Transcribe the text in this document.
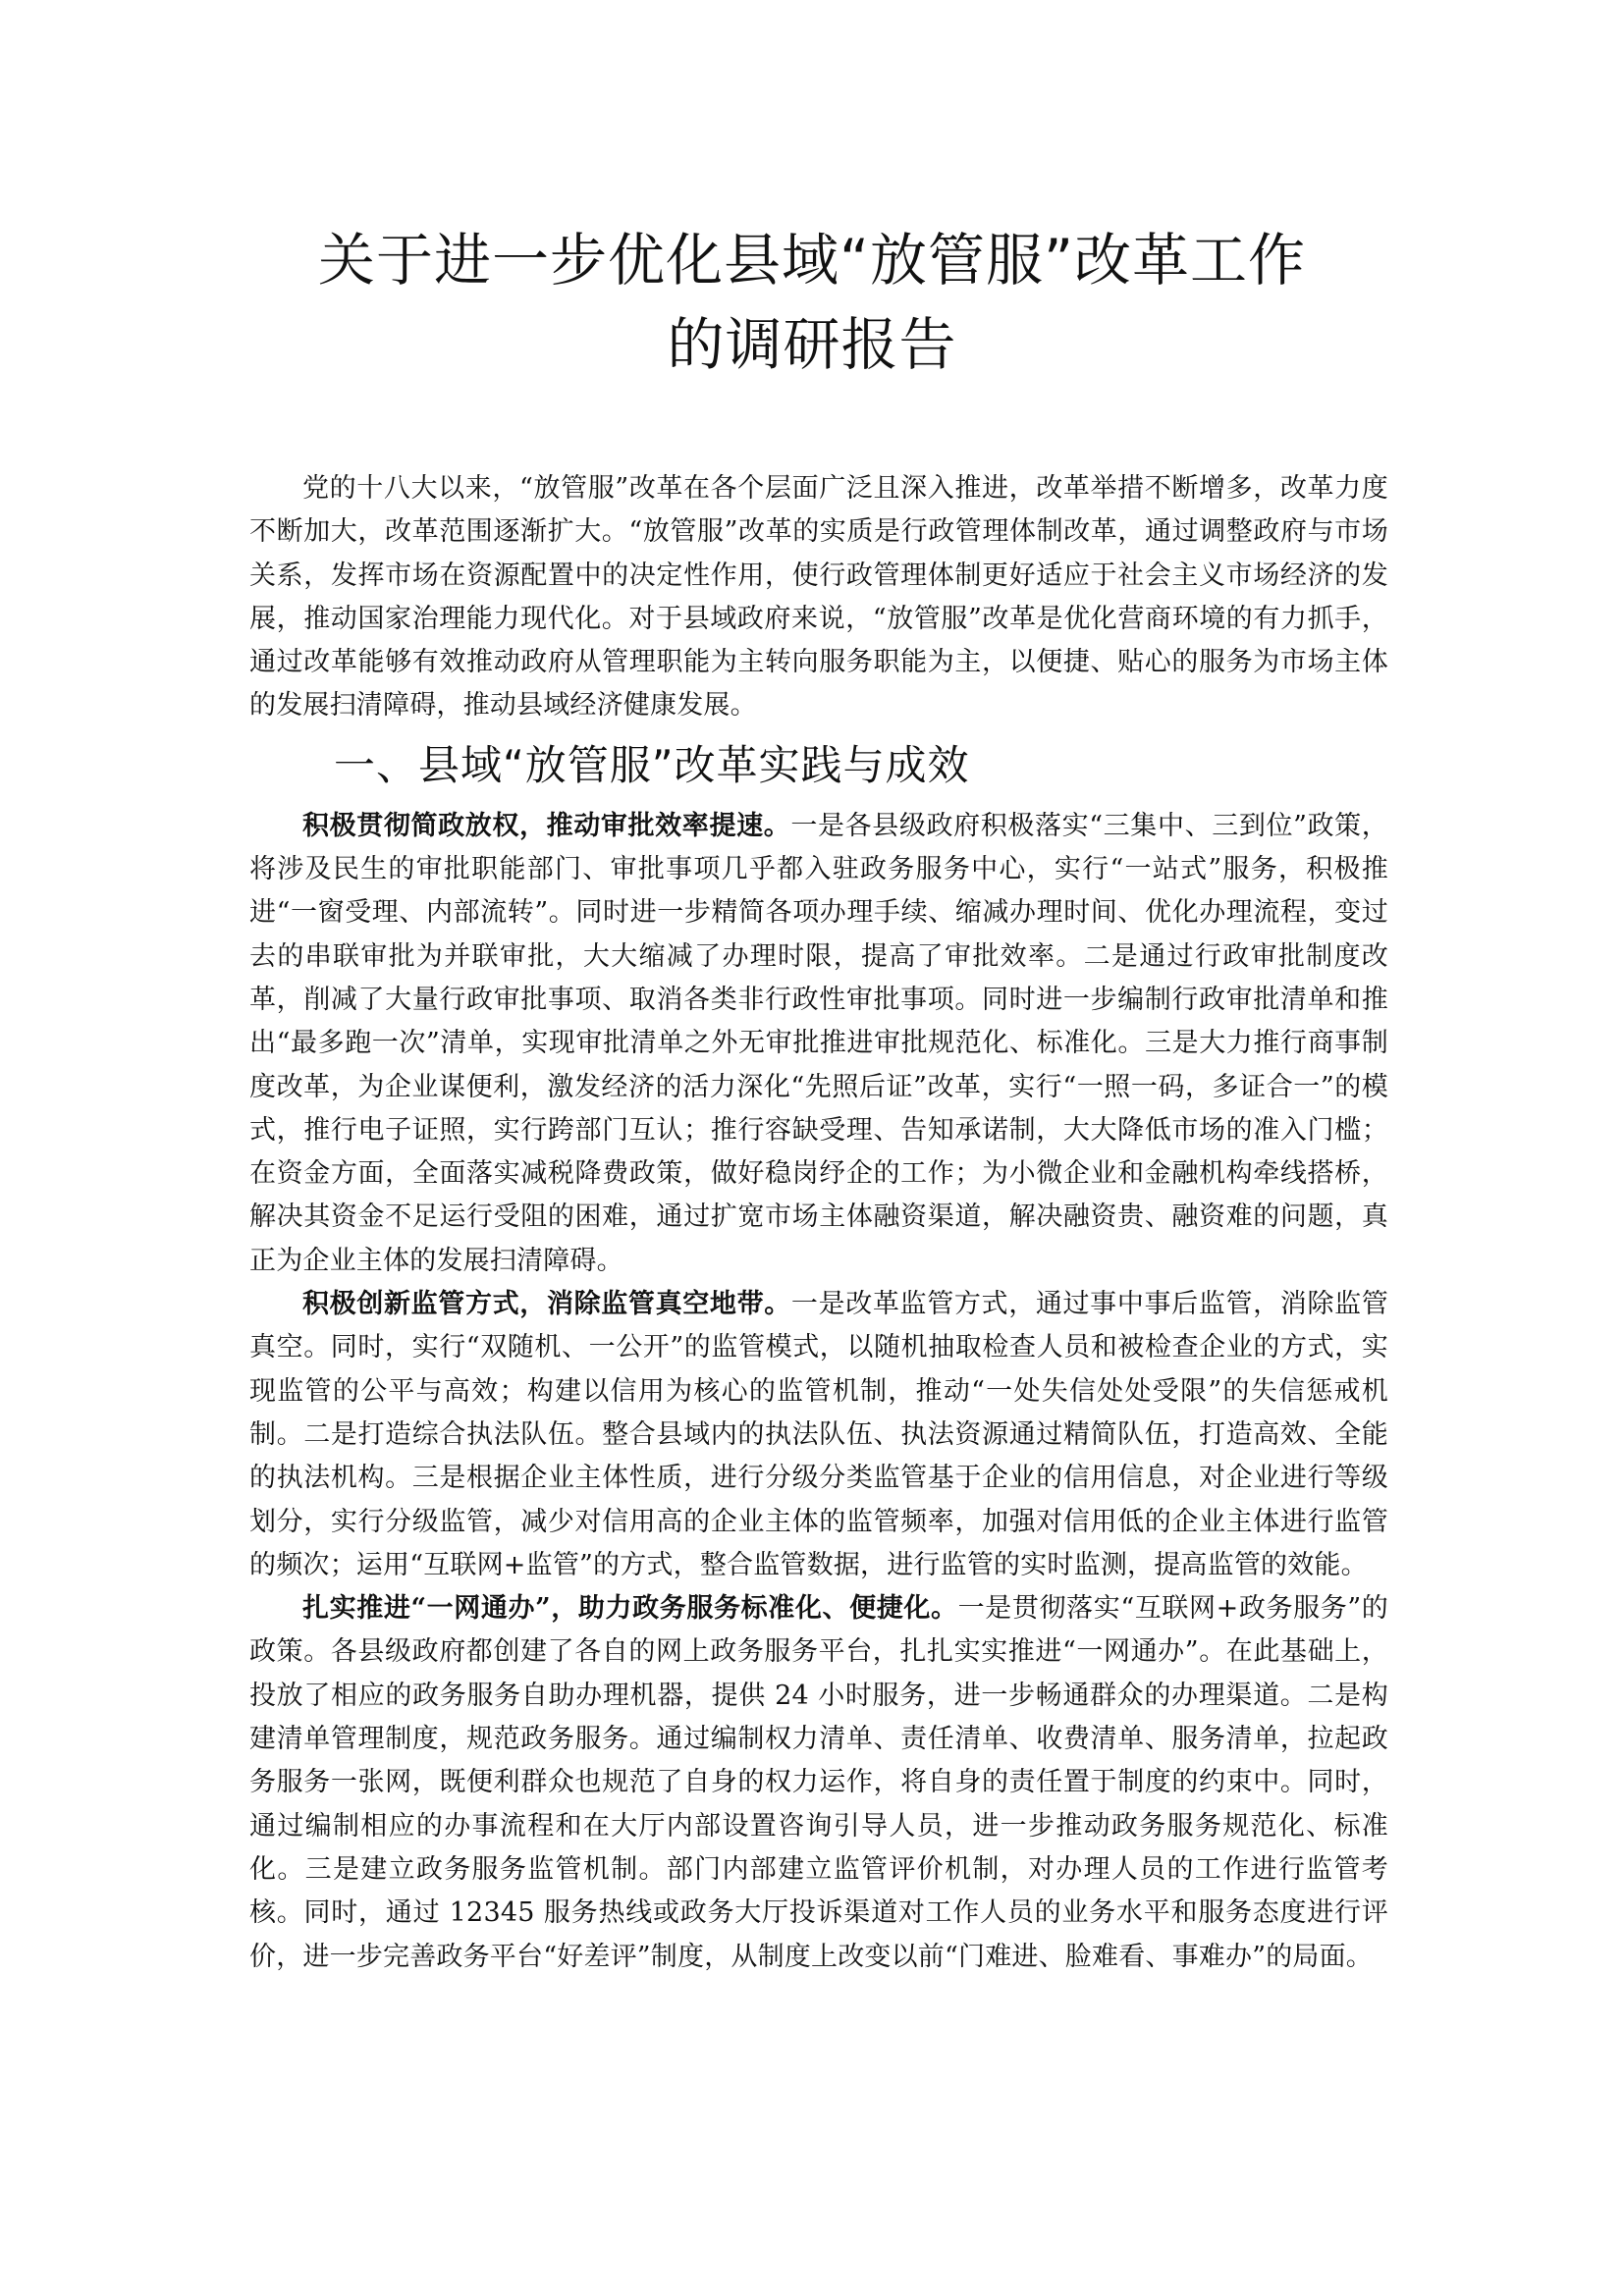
关于进一步优化县域“放管服”改革工作
的调研报告

党的十八大以来，“放管服”改革在各个层面广泛且深入推进，改革举措不断增多，改革力度不断加大，改革范围逐渐扩大。“放管服”改革的实质是行政管理体制改革，通过调整政府与市场关系，发挥市场在资源配置中的决定性作用，使行政管理体制更好适应于社会主义市场经济的发展，推动国家治理能力现代化。对于县域政府来说，“放管服”改革是优化营商环境的有力抓手，通过改革能够有效推动政府从管理职能为主转向服务职能为主，以便捷、贴心的服务为市场主体的发展扫清障碍，推动县域经济健康发展。

一、县域“放管服”改革实践与成效

积极贯彻简政放权，推动审批效率提速。一是各县级政府积极落实“三集中、三到位”政策，将涉及民生的审批职能部门、审批事项几乎都入驻政务服务中心，实行“一站式”服务，积极推进“一窗受理、内部流转”。同时进一步精简各项办理手续、缩减办理时间、优化办理流程，变过去的串联审批为并联审批，大大缩减了办理时限，提高了审批效率。二是通过行政审批制度改革，削减了大量行政审批事项、取消各类非行政性审批事项。同时进一步编制行政审批清单和推出“最多跑一次”清单，实现审批清单之外无审批推进审批规范化、标准化。三是大力推行商事制度改革，为企业谋便利，激发经济的活力深化“先照后证”改革，实行“一照一码，多证合一”的模式，推行电子证照，实行跨部门互认；推行容缺受理、告知承诺制，大大降低市场的准入门槛；在资金方面，全面落实减税降费政策，做好稳岗纾企的工作；为小微企业和金融机构牵线搭桥，解决其资金不足运行受阻的困难，通过扩宽市场主体融资渠道，解决融资贵、融资难的问题，真正为企业主体的发展扫清障碍。

积极创新监管方式，消除监管真空地带。一是改革监管方式，通过事中事后监管，消除监管真空。同时，实行“双随机、一公开”的监管模式，以随机抽取检查人员和被检查企业的方式，实现监管的公平与高效；构建以信用为核心的监管机制，推动“一处失信处处受限”的失信惩戒机制。二是打造综合执法队伍。整合县域内的执法队伍、执法资源通过精简队伍，打造高效、全能的执法机构。三是根据企业主体性质，进行分级分类监管基于企业的信用信息，对企业进行等级划分，实行分级监管，减少对信用高的企业主体的监管频率，加强对信用低的企业主体进行监管的频次；运用“互联网+监管”的方式，整合监管数据，进行监管的实时监测，提高监管的效能。

扎实推进“一网通办”，助力政务服务标准化、便捷化。一是贯彻落实“互联网+政务服务”的政策。各县级政府都创建了各自的网上政务服务平台，扎扎实实推进“一网通办”。在此基础上，投放了相应的政务服务自助办理机器，提供 24 小时服务，进一步畅通群众的办理渠道。二是构建清单管理制度，规范政务服务。通过编制权力清单、责任清单、收费清单、服务清单，拉起政务服务一张网，既便利群众也规范了自身的权力运作，将自身的责任置于制度的约束中。同时，通过编制相应的办事流程和在大厅内部设置咨询引导人员，进一步推动政务服务规范化、标准化。三是建立政务服务监管机制。部门内部建立监管评价机制，对办理人员的工作进行监管考核。同时，通过 12345 服务热线或政务大厅投诉渠道对工作人员的业务水平和服务态度进行评价，进一步完善政务平台“好差评”制度，从制度上改变以前“门难进、脸难看、事难办”的局面。
